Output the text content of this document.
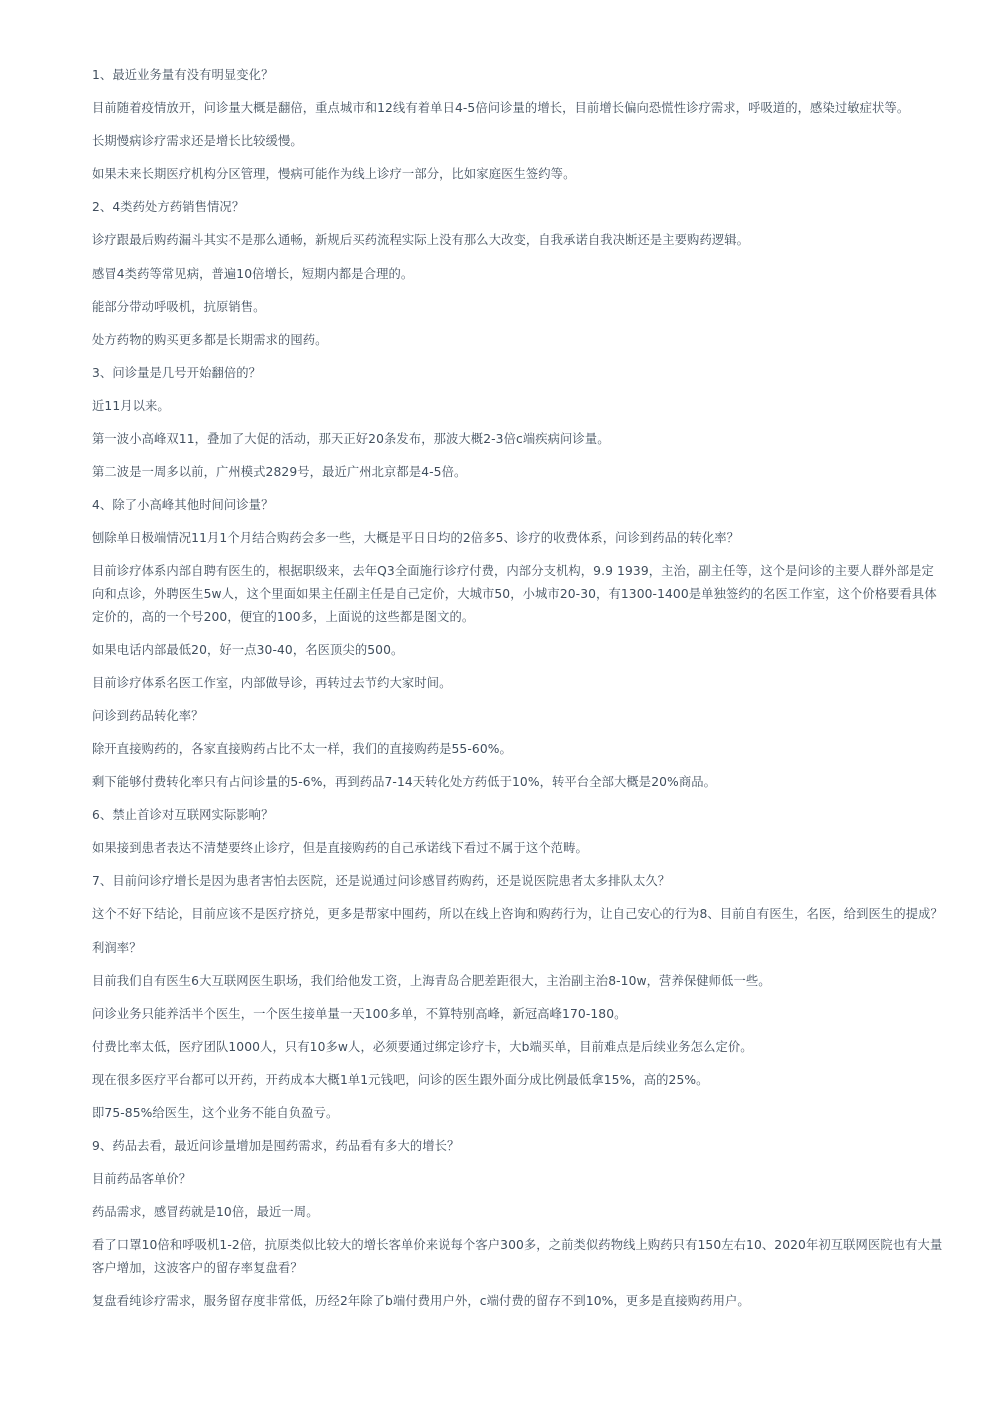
1、最近业务量有没有明显变化？

目前随着疫情放开，问诊量大概是翻倍，重点城市和12线有着单日4-5倍问诊量的增长，目前增长偏向恐慌性诊疗需求，呼吸道的，感染过敏症状等。

长期慢病诊疗需求还是增长比较缓慢。

如果未来长期医疗机构分区管理，慢病可能作为线上诊疗一部分，比如家庭医生签约等。

2、4类药处方药销售情况？

诊疗跟最后购药漏斗其实不是那么通畅，新规后买药流程实际上没有那么大改变，自我承诺自我决断还是主要购药逻辑。

感冒4类药等常见病，普遍10倍增长，短期内都是合理的。

能部分带动呼吸机，抗原销售。

处方药物的购买更多都是长期需求的囤药。

3、问诊量是几号开始翻倍的？

近11月以来。

第一波小高峰双11，叠加了大促的活动，那天正好20条发布，那波大概2-3倍c端疾病问诊量。

第二波是一周多以前，广州模式2829号，最近广州北京都是4-5倍。

4、除了小高峰其他时间问诊量？

刨除单日极端情况11月1个月结合购药会多一些，大概是平日日均的2倍多5、诊疗的收费体系，问诊到药品的转化率？

目前诊疗体系内部自聘有医生的，根据职级来，去年Q3全面施行诊疗付费，内部分支机构，9.9 1939，主治，副主任等，这个是问诊的主要人群外部是定向和点诊，外聘医生5w人，这个里面如果主任副主任是自己定价，大城市50，小城市20-30，有1300-1400是单独签约的名医工作室，这个价格要看具体定价的，高的一个号200，便宜的100多，上面说的这些都是图文的。

如果电话内部最低20，好一点30-40，名医顶尖的500。

目前诊疗体系名医工作室，内部做导诊，再转过去节约大家时间。

问诊到药品转化率？

除开直接购药的，各家直接购药占比不太一样，我们的直接购药是55-60%。

剩下能够付费转化率只有占问诊量的5-6%，再到药品7-14天转化处方药低于10%，转平台全部大概是20%商品。

6、禁止首诊对互联网实际影响？

如果接到患者表达不清楚要终止诊疗，但是直接购药的自己承诺线下看过不属于这个范畴。

7、目前问诊疗增长是因为患者害怕去医院，还是说通过问诊感冒药购药，还是说医院患者太多排队太久？

这个不好下结论，目前应该不是医疗挤兑，更多是帮家中囤药，所以在线上咨询和购药行为，让自己安心的行为8、目前自有医生，名医，给到医生的提成？

利润率？

目前我们自有医生6大互联网医生职场，我们给他发工资，上海青岛合肥差距很大，主治副主治8-10w，营养保健师低一些。

问诊业务只能养活半个医生，一个医生接单量一天100多单，不算特别高峰，新冠高峰170-180。

付费比率太低，医疗团队1000人，只有10多w人，必须要通过绑定诊疗卡，大b端买单，目前难点是后续业务怎么定价。

现在很多医疗平台都可以开药，开药成本大概1单1元钱吧，问诊的医生跟外面分成比例最低拿15%，高的25%。

即75-85%给医生，这个业务不能自负盈亏。

9、药品去看，最近问诊量增加是囤药需求，药品看有多大的增长？

目前药品客单价？

药品需求，感冒药就是10倍，最近一周。

看了口罩10倍和呼吸机1-2倍，抗原类似比较大的增长客单价来说每个客户300多，之前类似药物线上购药只有150左右10、2020年初互联网医院也有大量客户增加，这波客户的留存率复盘看？

复盘看纯诊疗需求，服务留存度非常低，历经2年除了b端付费用户外，c端付费的留存不到10%，更多是直接购药用户。
